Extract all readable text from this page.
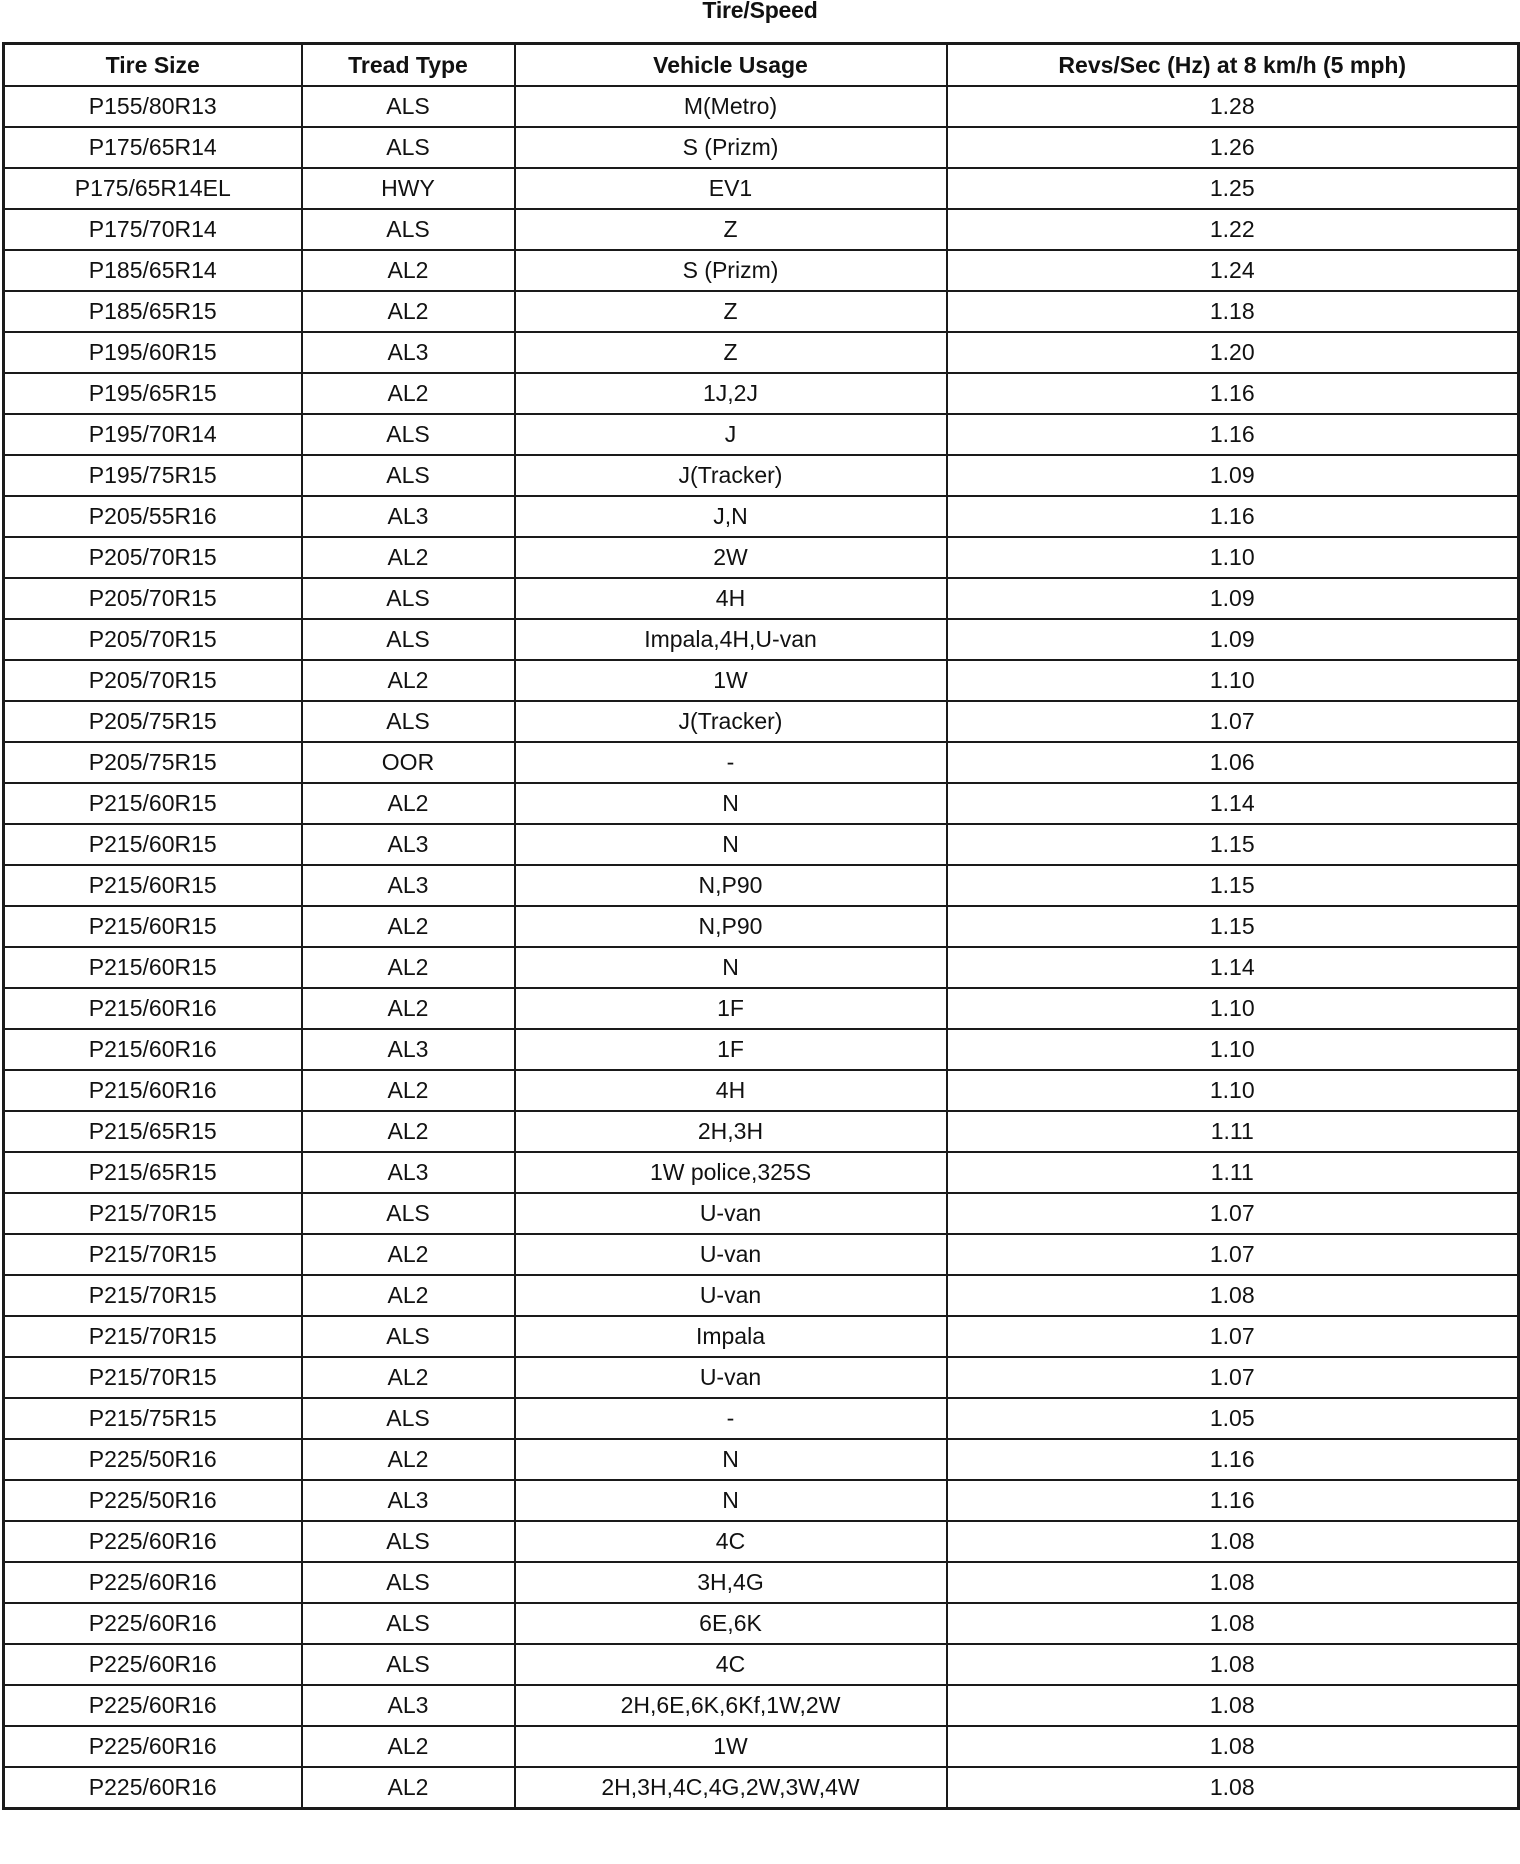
Tire/Speed
Tire Size	Tread Type	Vehicle Usage	Revs/Sec (Hz) at 8 km/h (5 mph)
P155/80R13	ALS	M(Metro)	1.28
P175/65R14	ALS	S (Prizm)	1.26
P175/65R14EL	HWY	EV1	1.25
P175/70R14	ALS	Z	1.22
P185/65R14	AL2	S (Prizm)	1.24
P185/65R15	AL2	Z	1.18
P195/60R15	AL3	Z	1.20
P195/65R15	AL2	1J,2J	1.16
P195/70R14	ALS	J	1.16
P195/75R15	ALS	J(Tracker)	1.09
P205/55R16	AL3	J,N	1.16
P205/70R15	AL2	2W	1.10
P205/70R15	ALS	4H	1.09
P205/70R15	ALS	Impala,4H,U-van	1.09
P205/70R15	AL2	1W	1.10
P205/75R15	ALS	J(Tracker)	1.07
P205/75R15	OOR	-	1.06
P215/60R15	AL2	N	1.14
P215/60R15	AL3	N	1.15
P215/60R15	AL3	N,P90	1.15
P215/60R15	AL2	N,P90	1.15
P215/60R15	AL2	N	1.14
P215/60R16	AL2	1F	1.10
P215/60R16	AL3	1F	1.10
P215/60R16	AL2	4H	1.10
P215/65R15	AL2	2H,3H	1.11
P215/65R15	AL3	1W police,325S	1.11
P215/70R15	ALS	U-van	1.07
P215/70R15	AL2	U-van	1.07
P215/70R15	AL2	U-van	1.08
P215/70R15	ALS	Impala	1.07
P215/70R15	AL2	U-van	1.07
P215/75R15	ALS	-	1.05
P225/50R16	AL2	N	1.16
P225/50R16	AL3	N	1.16
P225/60R16	ALS	4C	1.08
P225/60R16	ALS	3H,4G	1.08
P225/60R16	ALS	6E,6K	1.08
P225/60R16	ALS	4C	1.08
P225/60R16	AL3	2H,6E,6K,6Kf,1W,2W	1.08
P225/60R16	AL2	1W	1.08
P225/60R16	AL2	2H,3H,4C,4G,2W,3W,4W	1.08
